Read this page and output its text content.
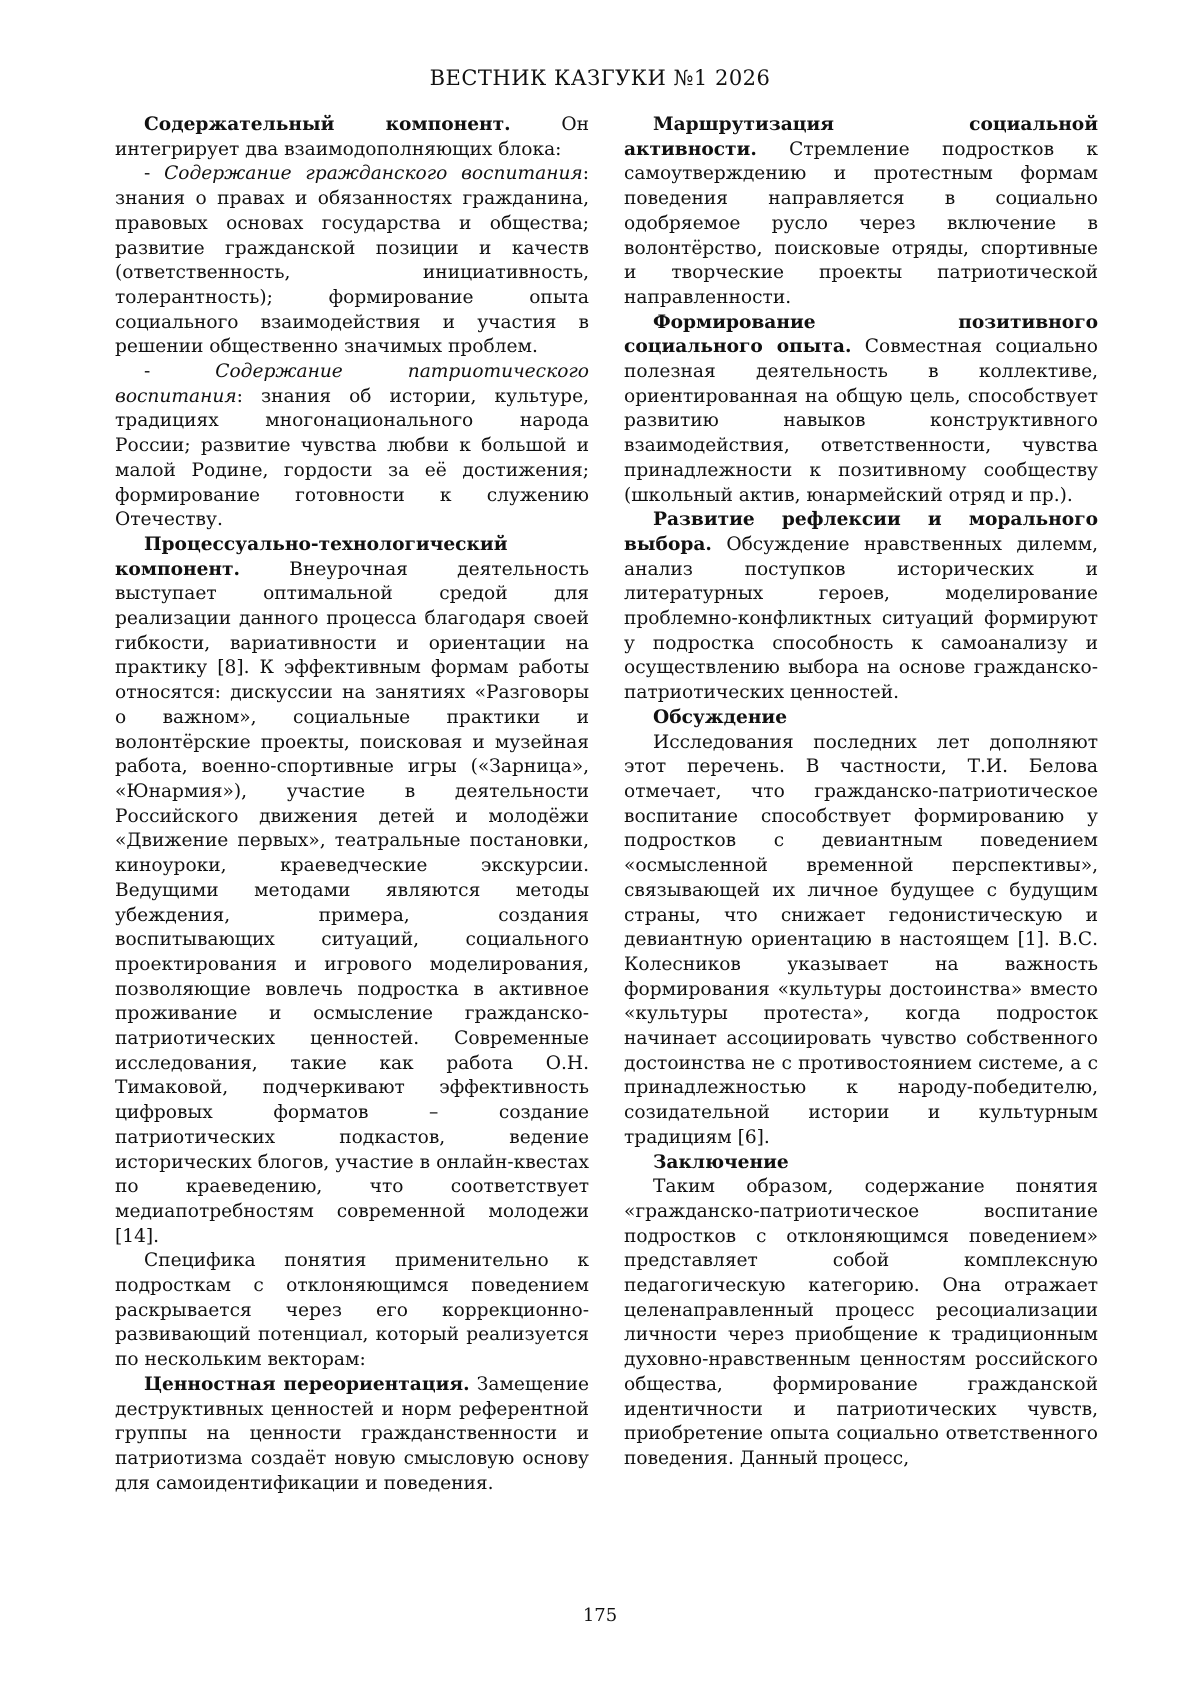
ВЕСТНИК КАЗГУКИ №1 2026

Содержательный компонент. Он интегрирует два взаимодополняющих блока:

- Содержание гражданского воспитания: знания о правах и обязанностях гражданина, правовых основах государства и общества; развитие гражданской позиции и качеств (ответственность, инициативность, толерантность); формирование опыта социального взаимодействия и участия в решении общественно значимых проблем.

- Содержание патриотического воспитания: знания об истории, культуре, традициях многонационального народа России; развитие чувства любви к большой и малой Родине, гордости за её достижения; формирование готовности к служению Отечеству.

Процессуально-технологический компонент. Внеурочная деятельность выступает оптимальной средой для реализации данного процесса благодаря своей гибкости, вариативности и ориентации на практику [8]. К эффективным формам работы относятся: дискуссии на занятиях «Разговоры о важном», социальные практики и волонтёрские проекты, поисковая и музейная работа, военно-спортивные игры («Зарница», «Юнармия»), участие в деятельности Российского движения детей и молодёжи «Движение первых», театральные постановки, киноуроки, краеведческие экскурсии. Ведущими методами являются методы убеждения, примера, создания воспитывающих ситуаций, социального проектирования и игрового моделирования, позволяющие вовлечь подростка в активное проживание и осмысление гражданско-патриотических ценностей. Современные исследования, такие как работа О.Н. Тимаковой, подчеркивают эффективность цифровых форматов – создание патриотических подкастов, ведение исторических блогов, участие в онлайн-квестах по краеведению, что соответствует медиапотребностям современной молодежи [14].

Специфика понятия применительно к подросткам с отклоняющимся поведением раскрывается через его коррекционно-развивающий потенциал, который реализуется по нескольким векторам:

Ценностная переориентация. Замещение деструктивных ценностей и норм референтной группы на ценности гражданственности и патриотизма создаёт новую смысловую основу для самоидентификации и поведения.

Маршрутизация социальной активности. Стремление подростков к самоутверждению и протестным формам поведения направляется в социально одобряемое русло через включение в волонтёрство, поисковые отряды, спортивные и творческие проекты патриотической направленности.

Формирование позитивного социального опыта. Совместная социально полезная деятельность в коллективе, ориентированная на общую цель, способствует развитию навыков конструктивного взаимодействия, ответственности, чувства принадлежности к позитивному сообществу (школьный актив, юнармейский отряд и пр.).

Развитие рефлексии и морального выбора. Обсуждение нравственных дилемм, анализ поступков исторических и литературных героев, моделирование проблемно-конфликтных ситуаций формируют у подростка способность к самоанализу и осуществлению выбора на основе гражданско-патриотических ценностей.

Обсуждение

Исследования последних лет дополняют этот перечень. В частности, Т.И. Белова отмечает, что гражданско-патриотическое воспитание способствует формированию у подростков с девиантным поведением «осмысленной временной перспективы», связывающей их личное будущее с будущим страны, что снижает гедонистическую и девиантную ориентацию в настоящем [1]. В.С. Колесников указывает на важность формирования «культуры достоинства» вместо «культуры протеста», когда подросток начинает ассоциировать чувство собственного достоинства не с противостоянием системе, а с принадлежностью к народу-победителю, созидательной истории и культурным традициям [6].

Заключение

Таким образом, содержание понятия «гражданско-патриотическое воспитание подростков с отклоняющимся поведением» представляет собой комплексную педагогическую категорию. Она отражает целенаправленный процесс ресоциализации личности через приобщение к традиционным духовно-нравственным ценностям российского общества, формирование гражданской идентичности и патриотических чувств, приобретение опыта социально ответственного поведения. Данный процесс,

175
